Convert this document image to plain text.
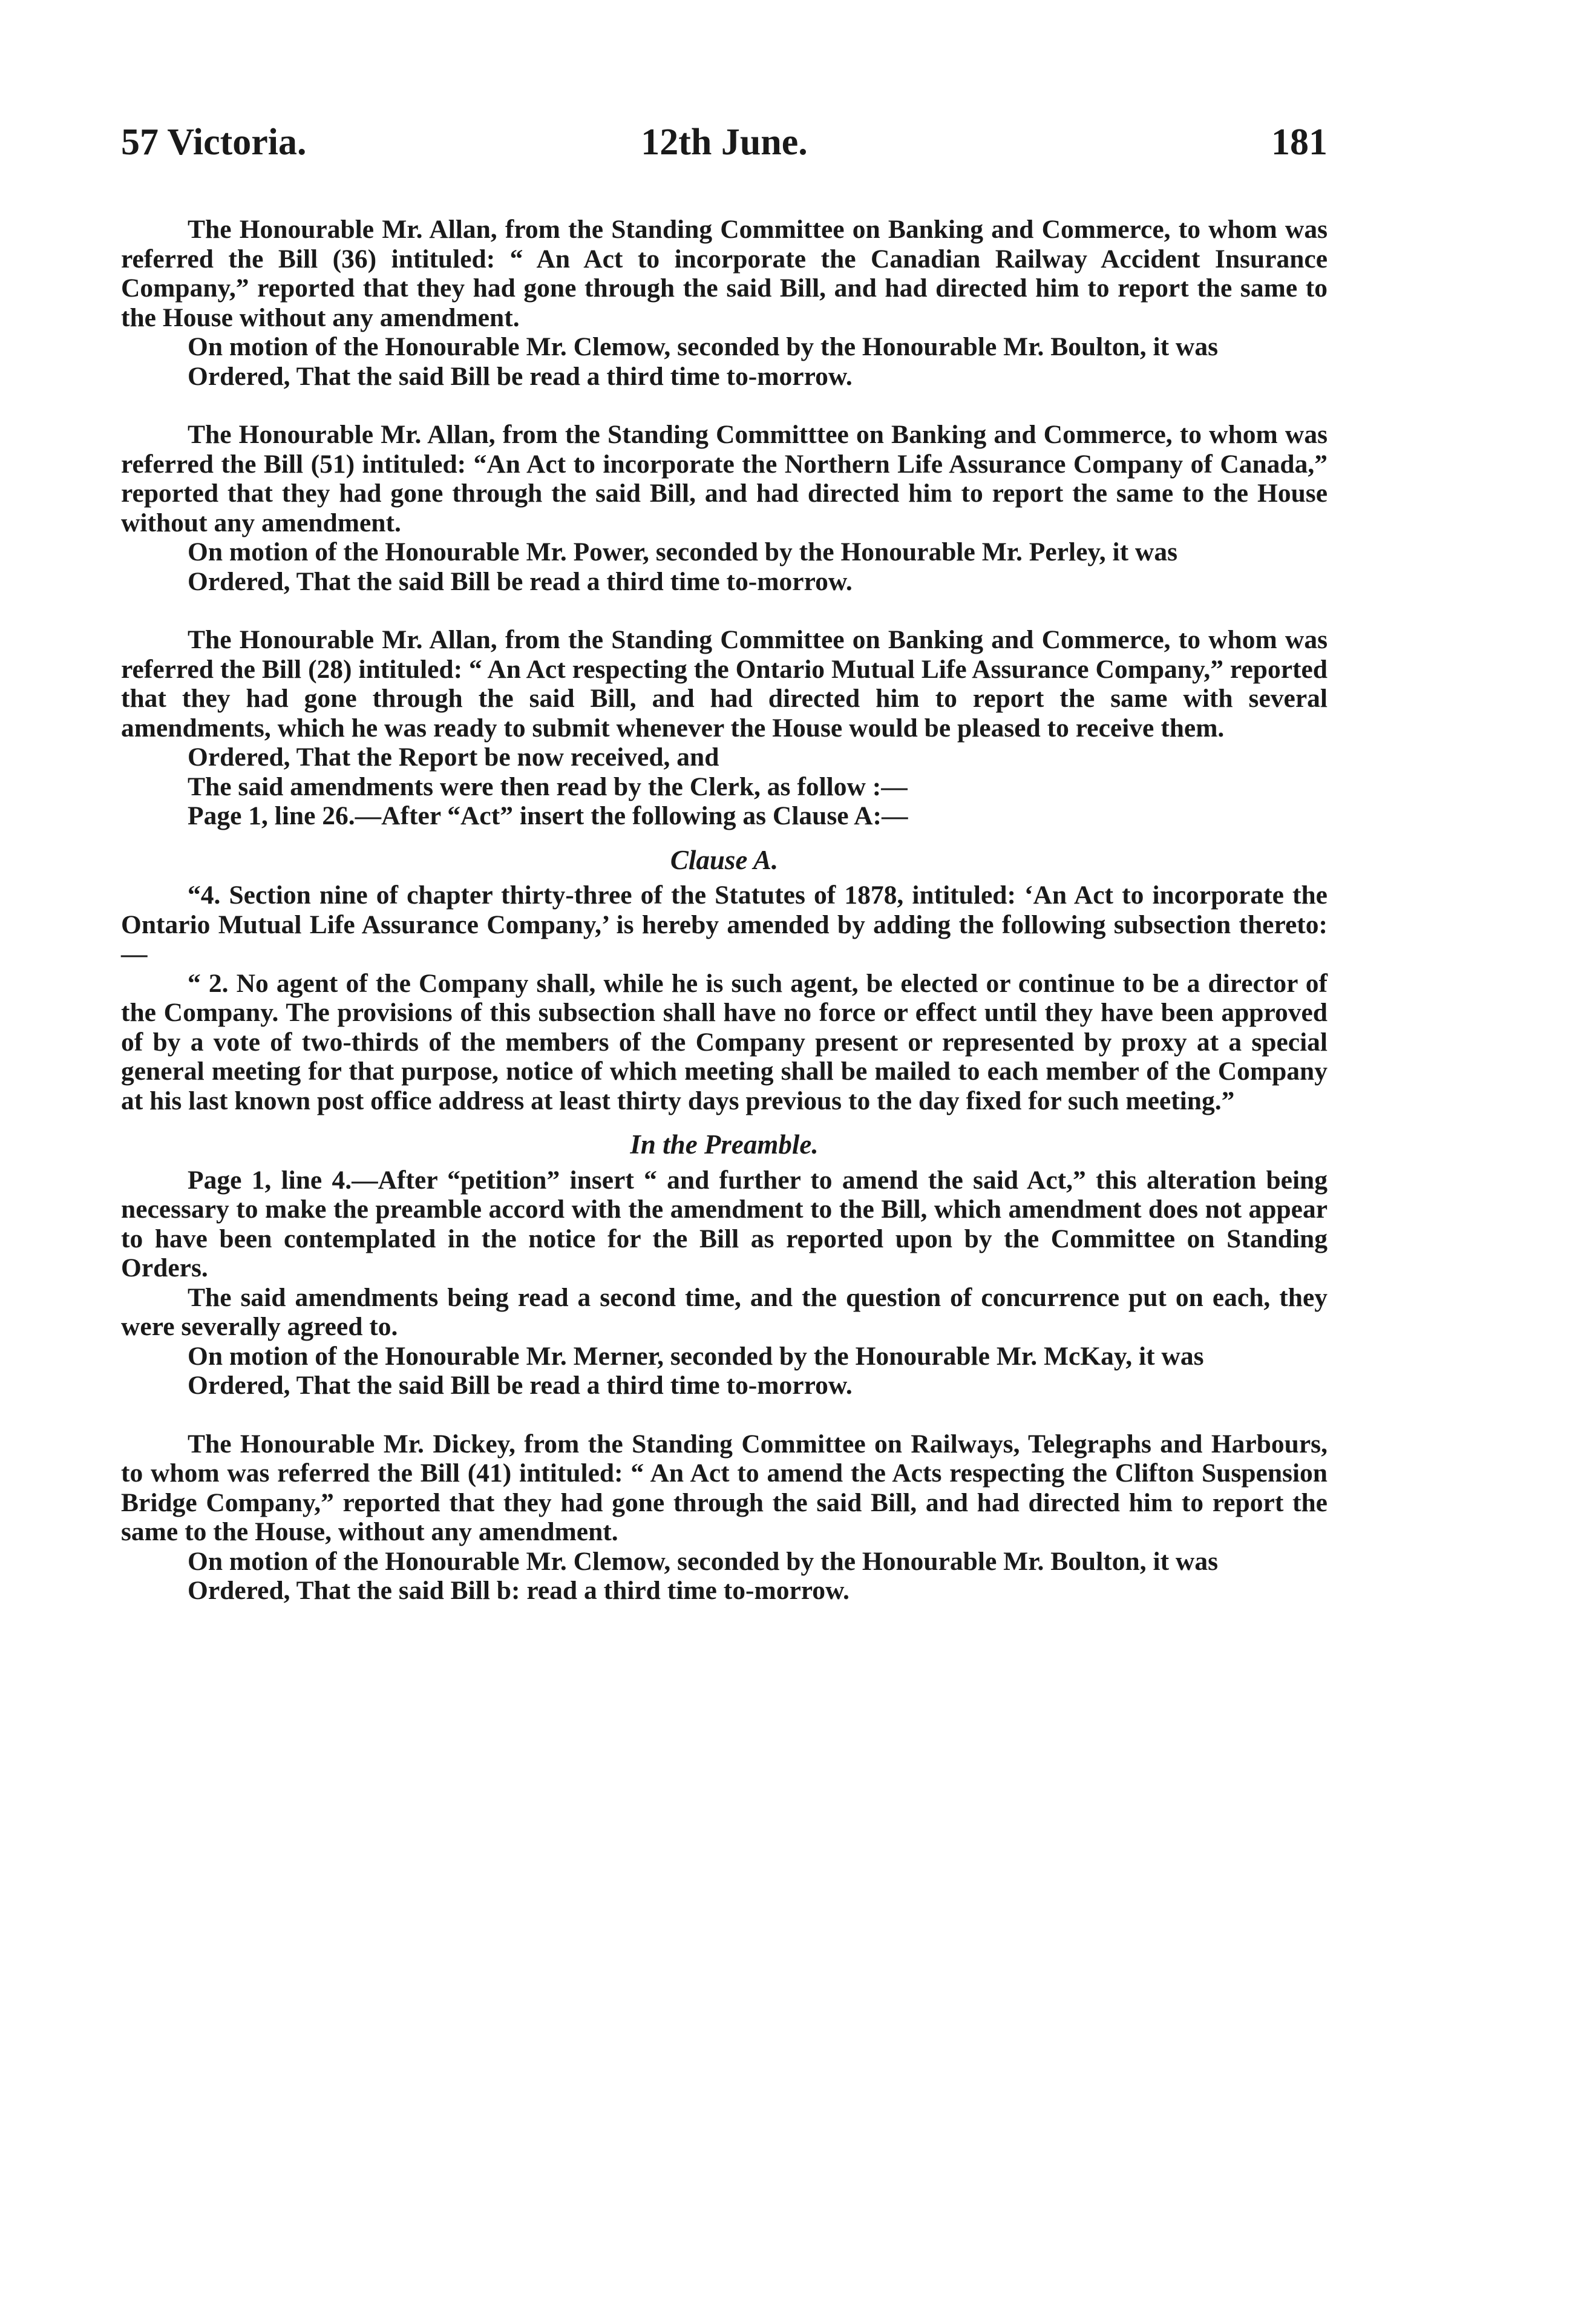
57 Victoria.	12th June.	181

The Honourable Mr. Allan, from the Standing Committee on Banking and Commerce, to whom was referred the Bill (36) intituled: “ An Act to incorporate the Canadian Railway Accident Insurance Company,” reported that they had gone through the said Bill, and had directed him to report the same to the House without any amendment.

On motion of the Honourable Mr. Clemow, seconded by the Honourable Mr. Boulton, it was

Ordered, That the said Bill be read a third time to-morrow.

The Honourable Mr. Allan, from the Standing Committtee on Banking and Commerce, to whom was referred the Bill (51) intituled: “An Act to incorporate the Northern Life Assurance Company of Canada,” reported that they had gone through the said Bill, and had directed him to report the same to the House without any amendment.

On motion of the Honourable Mr. Power, seconded by the Honourable Mr. Perley, it was

Ordered, That the said Bill be read a third time to-morrow.

The Honourable Mr. Allan, from the Standing Committee on Banking and Commerce, to whom was referred the Bill (28) intituled: “ An Act respecting the Ontario Mutual Life Assurance Company,” reported that they had gone through the said Bill, and had directed him to report the same with several amendments, which he was ready to submit whenever the House would be pleased to receive them.

Ordered, That the Report be now received, and

The said amendments were then read by the Clerk, as follow :—

Page 1, line 26.—After “Act” insert the following as Clause A:—

Clause A.

“4. Section nine of chapter thirty-three of the Statutes of 1878, intituled: ‘An Act to incorporate the Ontario Mutual Life Assurance Company,’ is hereby amended by adding the following subsection thereto:—

“ 2. No agent of the Company shall, while he is such agent, be elected or continue to be a director of the Company. The provisions of this subsection shall have no force or effect until they have been approved of by a vote of two-thirds of the members of the Company present or represented by proxy at a special general meeting for that purpose, notice of which meeting shall be mailed to each member of the Company at his last known post office address at least thirty days previous to the day fixed for such meeting.”

In the Preamble.

Page 1, line 4.—After “petition” insert “ and further to amend the said Act,” this alteration being necessary to make the preamble accord with the amendment to the Bill, which amendment does not appear to have been contemplated in the notice for the Bill as reported upon by the Committee on Standing Orders.

The said amendments being read a second time, and the question of concurrence put on each, they were severally agreed to.

On motion of the Honourable Mr. Merner, seconded by the Honourable Mr. McKay, it was

Ordered, That the said Bill be read a third time to-morrow.

The Honourable Mr. Dickey, from the Standing Committee on Railways, Telegraphs and Harbours, to whom was referred the Bill (41) intituled: “ An Act to amend the Acts respecting the Clifton Suspension Bridge Company,” reported that they had gone through the said Bill, and had directed him to report the same to the House, without any amendment.

On motion of the Honourable Mr. Clemow, seconded by the Honourable Mr. Boulton, it was

Ordered, That the said Bill b: read a third time to-morrow.
